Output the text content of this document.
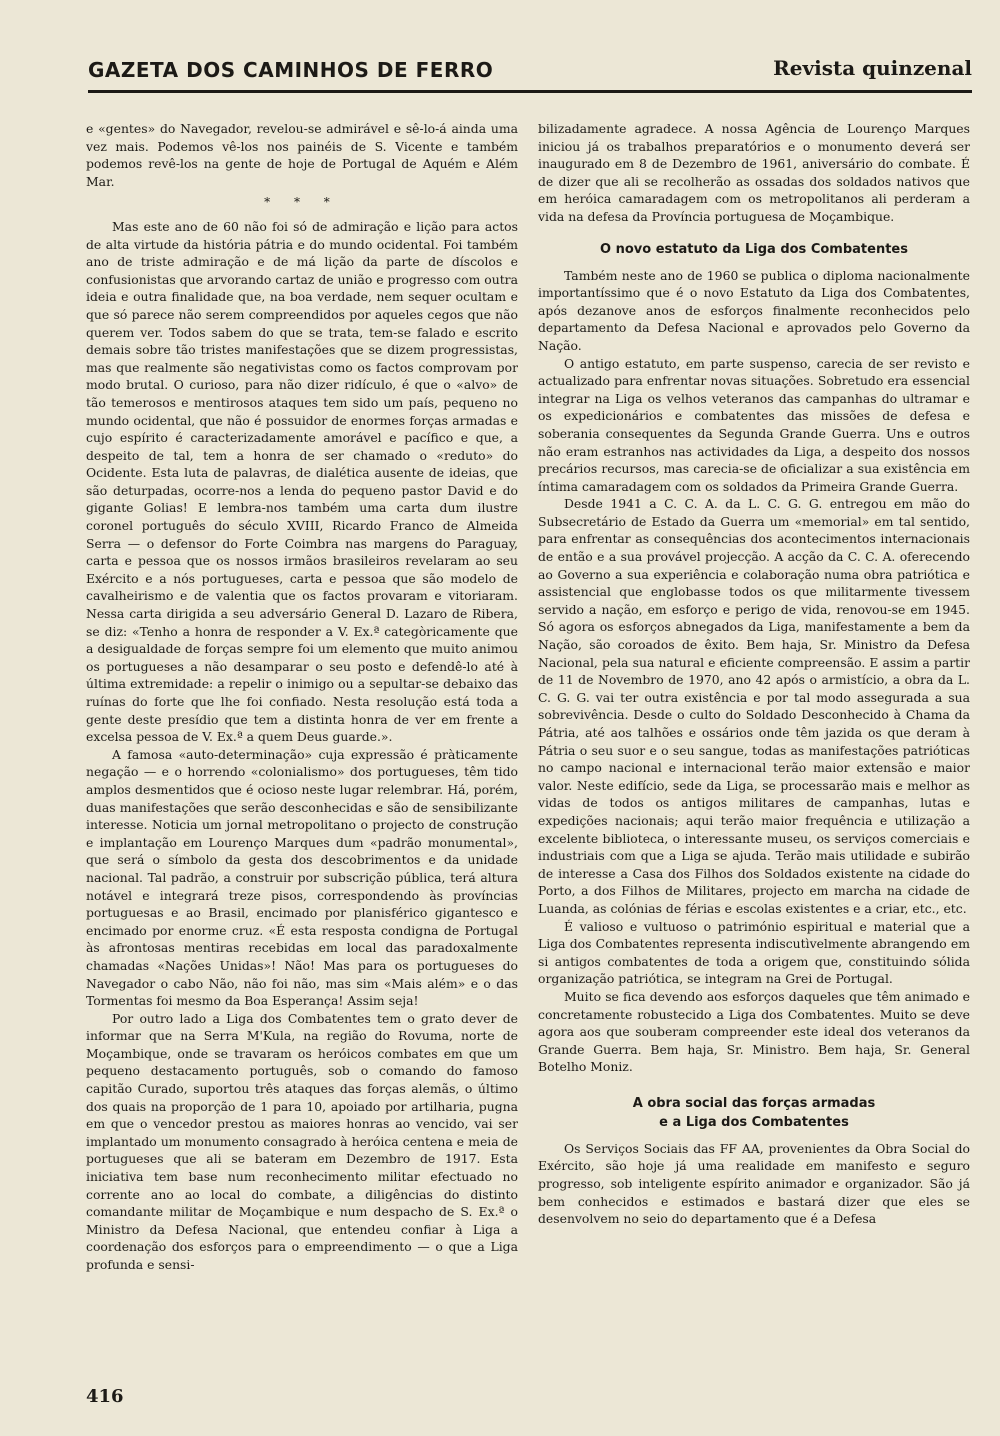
GAZETA DOS CAMINHOS DE FERRO	Revista quinzenal

e «gentes» do Navegador, revelou-se admirável e sê-lo-á ainda uma vez mais. Podemos vê-los nos painéis de S. Vicente e também podemos revê-los na gente de hoje de Portugal de Aquém e Além Mar.

* * *

Mas este ano de 60 não foi só de admiração e lição para actos de alta virtude da história pátria e do mundo ocidental. Foi também ano de triste admiração e de má lição da parte de díscolos e confusionistas que arvorando cartaz de união e progresso com outra ideia e outra finalidade que, na boa verdade, nem sequer ocultam e que só parece não serem compreendidos por aqueles cegos que não querem ver. Todos sabem do que se trata, tem-se falado e escrito demais sobre tão tristes manifestações que se dizem progressistas, mas que realmente são negativistas como os factos comprovam por modo brutal. O curioso, para não dizer ridículo, é que o «alvo» de tão temerosos e mentirosos ataques tem sido um país, pequeno no mundo ocidental, que não é possuidor de enormes forças armadas e cujo espírito é caracterizadamente amorável e pacífico e que, a despeito de tal, tem a honra de ser chamado o «reduto» do Ocidente. Esta luta de palavras, de dialética ausente de ideias, que são deturpadas, ocorre-nos a lenda do pequeno pastor David e do gigante Golias! E lembra-nos também uma carta dum ilustre coronel português do século XVIII, Ricardo Franco de Almeida Serra — o defensor do Forte Coimbra nas margens do Paraguay, carta e pessoa que os nossos irmãos brasileiros revelaram ao seu Exército e a nós portugueses, carta e pessoa que são modelo de cavalheirismo e de valentia que os factos provaram e vitoriaram. Nessa carta dirigida a seu adversário General D. Lazaro de Ribera, se diz: «Tenho a honra de responder a V. Ex.ª categòricamente que a desigualdade de forças sempre foi um elemento que muito animou os portugueses a não desamparar o seu posto e defendê-lo até à última extremidade: a repelir o inimigo ou a sepultar-se debaixo das ruínas do forte que lhe foi confiado. Nesta resolução está toda a gente deste presídio que tem a distinta honra de ver em frente a excelsa pessoa de V. Ex.ª a quem Deus guarde.».

A famosa «auto-determinação» cuja expressão é pràticamente negação — e o horrendo «colonialismo» dos portugueses, têm tido amplos desmentidos que é ocioso neste lugar relembrar. Há, porém, duas manifestações que serão desconhecidas e são de sensibilizante interesse. Noticia um jornal metropolitano o projecto de construção e implantação em Lourenço Marques dum «padrão monumental», que será o símbolo da gesta dos descobrimentos e da unidade nacional. Tal padrão, a construir por subscrição pública, terá altura notável e integrará treze pisos, correspondendo às províncias portuguesas e ao Brasil, encimado por planisférico gigantesco e encimado por enorme cruz. «É esta resposta condigna de Portugal às afrontosas mentiras recebidas em local das paradoxalmente chamadas «Nações Unidas»! Não! Mas para os portugueses do Navegador o cabo Não, não foi não, mas sim «Mais além» e o das Tormentas foi mesmo da Boa Esperança! Assim seja!

Por outro lado a Liga dos Combatentes tem o grato dever de informar que na Serra M'Kula, na região do Rovuma, norte de Moçambique, onde se travaram os heróicos combates em que um pequeno destacamento português, sob o comando do famoso capitão Curado, suportou três ataques das forças alemãs, o último dos quais na proporção de 1 para 10, apoiado por artilharia, pugna em que o vencedor prestou as maiores honras ao vencido, vai ser implantado um monumento consagrado à heróica centena e meia de portugueses que ali se bateram em Dezembro de 1917. Esta iniciativa tem base num reconhecimento militar efectuado no corrente ano ao local do combate, a diligências do distinto comandante militar de Moçambique e num despacho de S. Ex.ª o Ministro da Defesa Nacional, que entendeu confiar à Liga a coordenação dos esforços para o empreendimento — o que a Liga profunda e sensi-

bilizadamente agradece. A nossa Agência de Lourenço Marques iniciou já os trabalhos preparatórios e o monumento deverá ser inaugurado em 8 de Dezembro de 1961, aniversário do combate. É de dizer que ali se recolherão as ossadas dos soldados nativos que em heróica camaradagem com os metropolitanos ali perderam a vida na defesa da Província portuguesa de Moçambique.

O novo estatuto da Liga dos Combatentes

Também neste ano de 1960 se publica o diploma nacionalmente importantíssimo que é o novo Estatuto da Liga dos Combatentes, após dezanove anos de esforços finalmente reconhecidos pelo departamento da Defesa Nacional e aprovados pelo Governo da Nação.

O antigo estatuto, em parte suspenso, carecia de ser revisto e actualizado para enfrentar novas situações. Sobretudo era essencial integrar na Liga os velhos veteranos das campanhas do ultramar e os expedicionários e combatentes das missões de defesa e soberania consequentes da Segunda Grande Guerra. Uns e outros não eram estranhos nas actividades da Liga, a despeito dos nossos precários recursos, mas carecia-se de oficializar a sua existência em íntima camaradagem com os soldados da Primeira Grande Guerra.

Desde 1941 a C. C. A. da L. C. G. G. entregou em mão do Subsecretário de Estado da Guerra um «memorial» em tal sentido, para enfrentar as consequências dos acontecimentos internacionais de então e a sua provável projecção. A acção da C. C. A. oferecendo ao Governo a sua experiência e colaboração numa obra patriótica e assistencial que englobasse todos os que militarmente tivessem servido a nação, em esforço e perigo de vida, renovou-se em 1945. Só agora os esforços abnegados da Liga, manifestamente a bem da Nação, são coroados de êxito. Bem haja, Sr. Ministro da Defesa Nacional, pela sua natural e eficiente compreensão. E assim a partir de 11 de Novembro de 1970, ano 42 após o armistício, a obra da L. C. G. G. vai ter outra existência e por tal modo assegurada a sua sobrevivência. Desde o culto do Soldado Desconhecido à Chama da Pátria, até aos talhões e ossários onde têm jazida os que deram à Pátria o seu suor e o seu sangue, todas as manifestações patrióticas no campo nacional e internacional terão maior extensão e maior valor. Neste edifício, sede da Liga, se processarão mais e melhor as vidas de todos os antigos militares de campanhas, lutas e expedições nacionais; aqui terão maior frequência e utilização a excelente biblioteca, o interessante museu, os serviços comerciais e industriais com que a Liga se ajuda. Terão mais utilidade e subirão de interesse a Casa dos Filhos dos Soldados existente na cidade do Porto, a dos Filhos de Militares, projecto em marcha na cidade de Luanda, as colónias de férias e escolas existentes e a criar, etc., etc.

É valioso e vultuoso o património espiritual e material que a Liga dos Combatentes representa indiscutìvelmente abrangendo em si antigos combatentes de toda a origem que, constituindo sólida organização patriótica, se integram na Grei de Portugal.

Muito se fica devendo aos esforços daqueles que têm animado e concretamente robustecido a Liga dos Combatentes. Muito se deve agora aos que souberam compreender este ideal dos veteranos da Grande Guerra. Bem haja, Sr. Ministro. Bem haja, Sr. General Botelho Moniz.

A obra social das forças armadas
e a Liga dos Combatentes

Os Serviços Sociais das FF AA, provenientes da Obra Social do Exército, são hoje já uma realidade em manifesto e seguro progresso, sob inteligente espírito animador e organizador. São já bem conhecidos e estimados e bastará dizer que eles se desenvolvem no seio do departamento que é a Defesa

416
